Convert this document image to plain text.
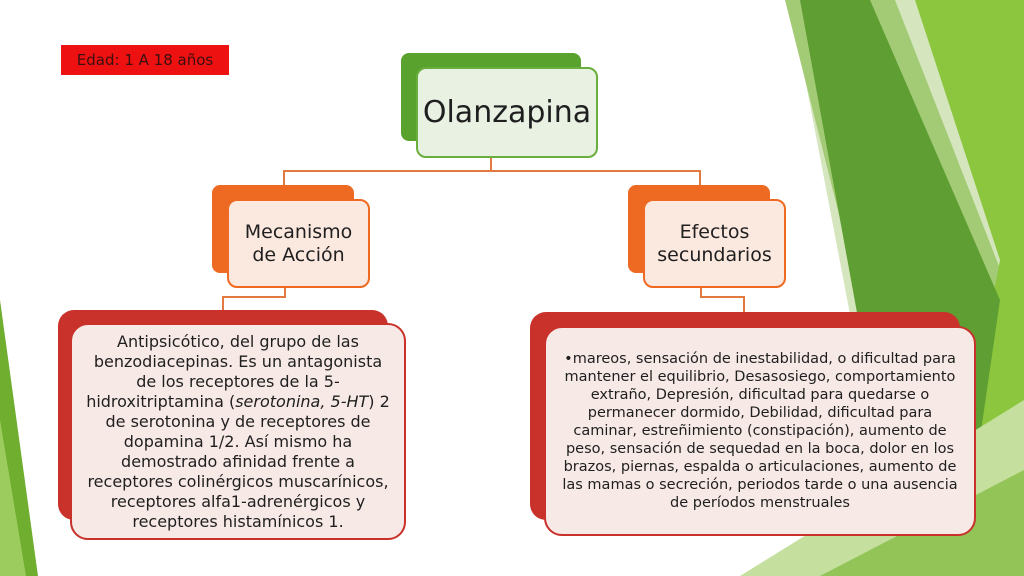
Edad: 1 A 18 años
Olanzapina
Mecanismo de Acción
Efectos secundarios
Antipsicótico, del grupo de las benzodiacepinas. Es un antagonista de los receptores de la 5-hidroxitriptamina (serotonina, 5-HT) 2 de serotonina y de receptores de dopamina 1/2. Así mismo ha demostrado afinidad frente a receptores colinérgicos muscarínicos, receptores alfa1-adrenérgicos y receptores histamínicos 1.
•mareos, sensación de inestabilidad, o dificultad para mantener el equilibrio, Desasosiego, comportamiento extraño, Depresión, dificultad para quedarse o permanecer dormido, Debilidad, dificultad para caminar, estreñimiento (constipación), aumento de peso, sensación de sequedad en la boca, dolor en los brazos, piernas, espalda o articulaciones, aumento de las mamas o secreción, periodos tarde o una ausencia de períodos menstruales
